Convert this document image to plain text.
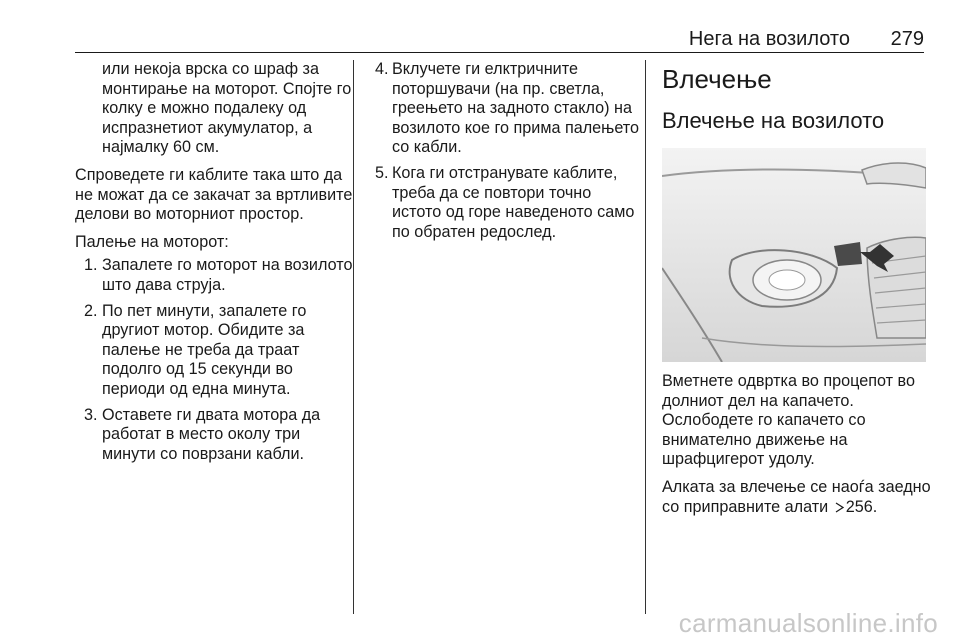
Нега на возилото 279

или некоја врска со шраф за монтирање на моторот. Спојте го колку е можно подалеку од испразнетиот акумулатор, а најмалку 60 см.

Спроведете ги каблите така што да не можат да се закачат за вртливите делови во моторниот простор.

Палење на моторот:

1. Запалете го моторот на возилото што дава струја.
2. По пет минути, запалете го другиот мотор. Обидите за палење не треба да траат подолго од 15 секунди во периоди од една минута.
3. Оставете ги двата мотора да работат в место околу три минути со поврзани кабли.
4. Вклучете ги елктричните поторшувачи (на пр. светла, греењето на задното стакло) на возилото кое го прима палењето со кабли.
5. Кога ги отстранувате каблите, треба да се повтори точно истото од горе наведеното само по обратен редослед.
Влечење
Влечење на возилото

Вметнете одвртка во процепот во долниот дел на капачето. Ослободете го капачето со внимателно движење на шрафцигерот удолу.

Алката за влечење се наоѓа заедно со приправните алати 256.

carmanualsonline.info
